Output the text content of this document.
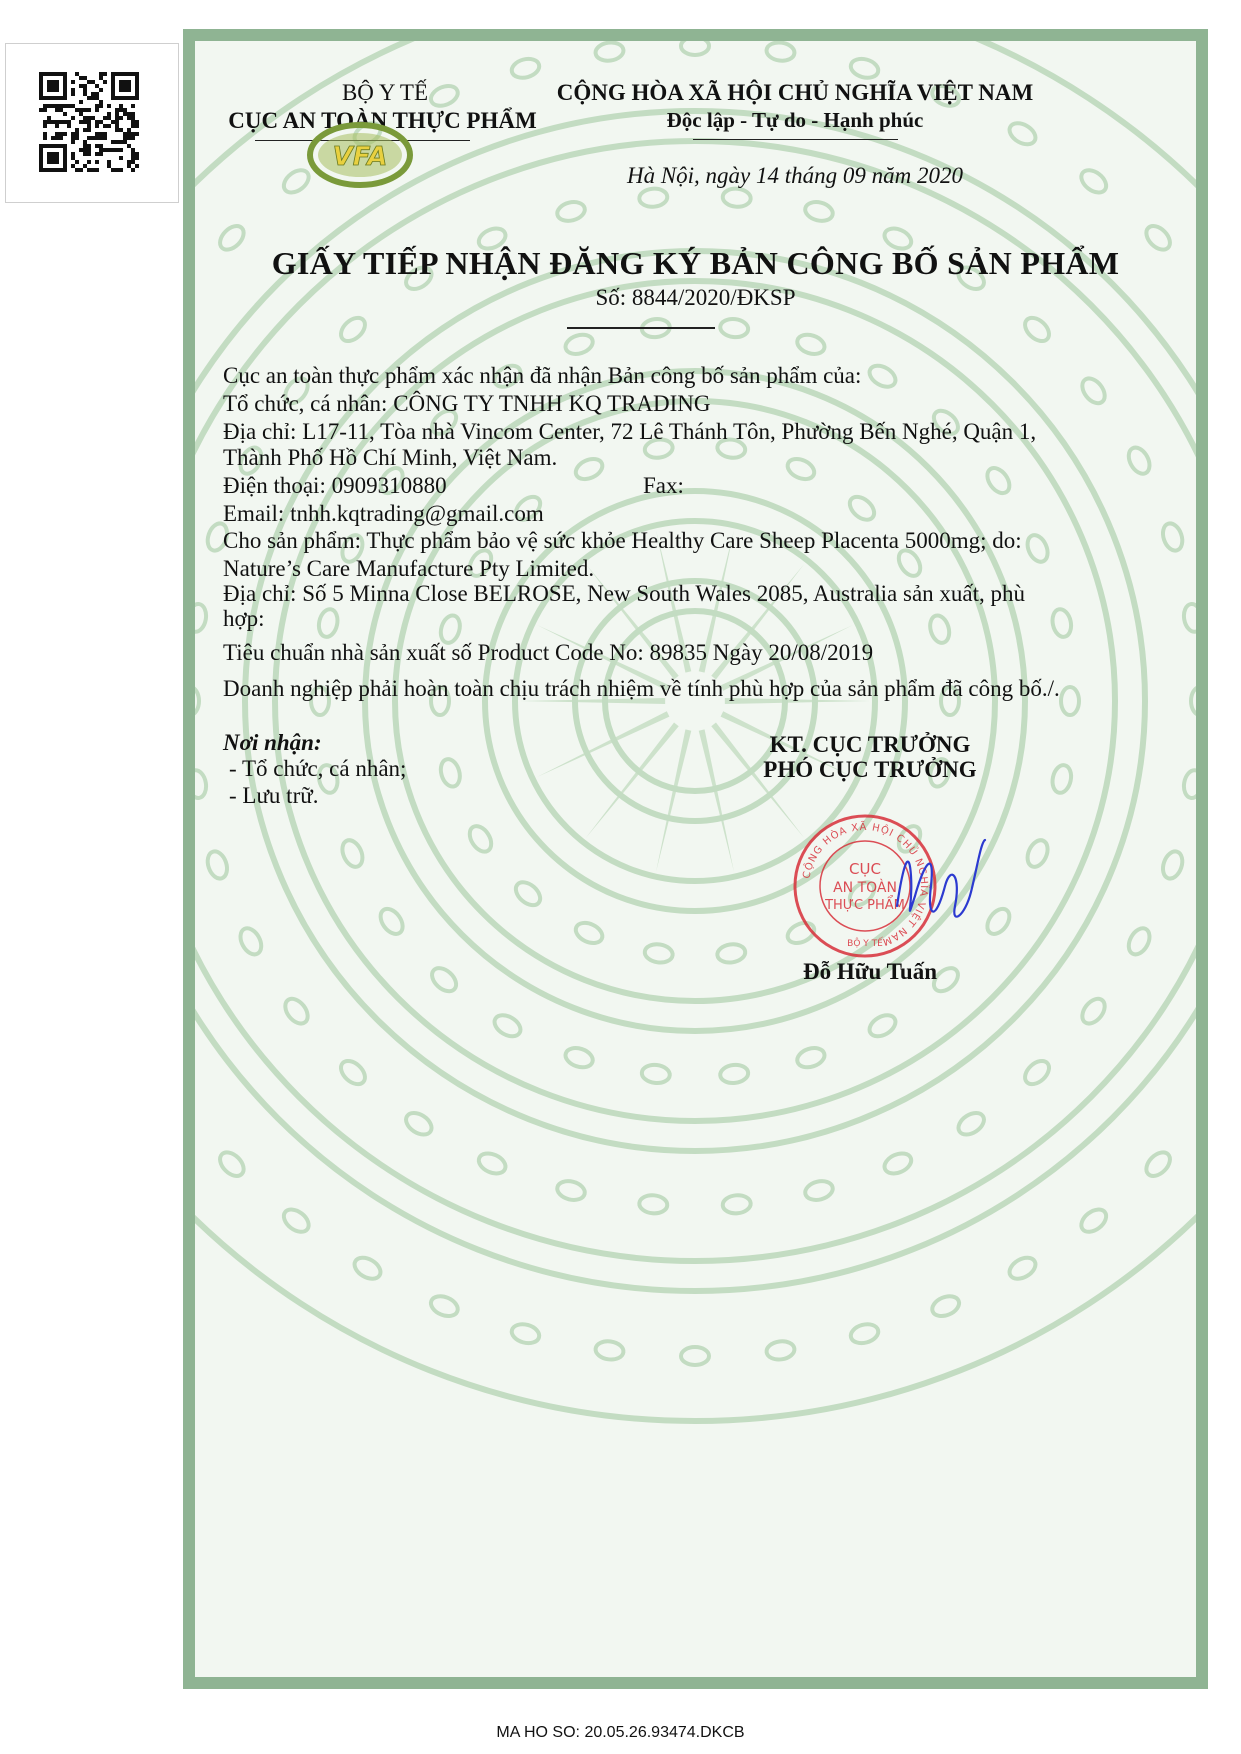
BỘ Y TẾ
CỤC AN TOÀN THỰC PHẨM
VFA
CỘNG HÒA XÃ HỘI CHỦ NGHĨA VIỆT NAM
Độc lập - Tự do - Hạnh phúc
Hà Nội, ngày 14 tháng 09 năm 2020
GIẤY TIẾP NHẬN ĐĂNG KÝ BẢN CÔNG BỐ SẢN PHẨM
Số: 8844/2020/ĐKSP
Cục an toàn thực phẩm xác nhận đã nhận Bản công bố sản phẩm của:
Tổ chức, cá nhân: CÔNG TY TNHH KQ TRADING
Địa chỉ: L17-11, Tòa nhà Vincom Center, 72 Lê Thánh Tôn, Phường Bến Nghé, Quận 1,
Thành Phố Hồ Chí Minh, Việt Nam.
Điện thoại: 0909310880	Fax:
Email: tnhh.kqtrading@gmail.com
Cho sản phẩm: Thực phẩm bảo vệ sức khỏe Healthy Care Sheep Placenta 5000mg; do:
Nature’s Care Manufacture Pty Limited.
Địa chỉ: Số 5 Minna Close BELROSE, New South Wales 2085, Australia sản xuất, phù
hợp:
Tiêu chuẩn nhà sản xuất số Product Code No: 89835 Ngày 20/08/2019
Doanh nghiệp phải hoàn toàn chịu trách nhiệm về tính phù hợp của sản phẩm đã công bố./.
Nơi nhận:
- Tổ chức, cá nhân;
- Lưu trữ.
KT. CỤC TRƯỞNG
PHÓ CỤC TRƯỞNG
CỘNG HÒA XÃ HỘI CHỦ NGHĨA VIỆT NAM
CỤC
AN TOÀN
THỰC PHẨM
BỘ Y TẾ
Đỗ Hữu Tuấn
MA HO SO: 20.05.26.93474.DKCB
